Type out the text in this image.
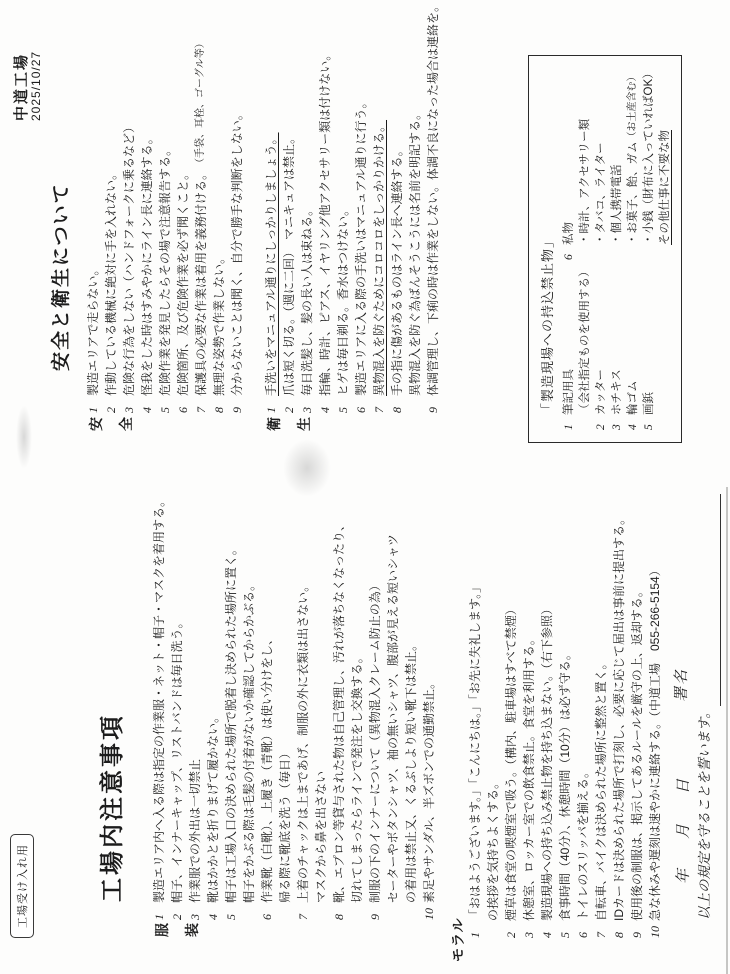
工場受け入れ用	工場内注意事項
服 装
1
製造エリア内へ入る際は指定の作業服・ネット・帽子・マスクを着用する。
2
帽子、インナーキャップ、リストバンドは毎日洗う。
3
作業服での外出は一切禁止
4
靴はかかとを折りまげて履かない。
5
帽子は工場入口の決められた場所で脱着し決められた場所に置く。 帽子をかぶる際は毛髪の付着がないか確認してからかぶる。
6
作業靴（白靴）、上履き（青靴）は使い分けをし、 帰る際に靴底を洗う（毎日）
7
上着のチャックは上まであげ、制服の外に衣類は出さない。 マスクから鼻を出さない
8
靴、エプロン等貸与された物は自己管理し、汚れが落ちなくなったり、 切れてしまったらラインで発注をし交換する。
9
制服の下のインナーについて（異物混入クレーム防止の為） セーターやボタンシャツ、袖の無いシャツ、腹部が見える短いシャツ の着用は禁止又、くるぶしより短い靴下は禁止。
10
素足やサンダル、半ズボンでの通勤禁止。
モラル 1
「おはようございます。」「こんにちは。」「お先に失礼します。」 の挨拶を気持ちよくする。
2
煙草は食堂の喫煙室で吸う。（構内、駐車場はすべて禁煙）
3
休憩室、ロッカー室での飲食禁止。食堂を利用する。
4
製造現場への持ち込み禁止物を持ち込まない。（右下参照）
5
食事時間（40分）、休憩時間（10分）は必ず守る。
6
トイレのスリッパを揃える。
7
自転車、バイクは決められた場所に整然と置く。
8
IDカードは決められた場所で打刻し、必要に応じて届出は事前に提出する。
9
使用後の制服は、掲示してあるルールを厳守の上、返却する。
10
急な休みや遅刻は速やかに連絡する。（中道工場　055-266-5154） 年　　月　　日
署名
以上の規定を守ることを誓います。
中道工場 2025/10/27
安全と衛生について
安 全
1
製造エリアで走らない。
2
作動している機械に絶対に手を入れない。
3
危険な行為をしない（ハンドフォークに乗るなど）
4
怪我をした時はすみやかにライン長に連絡する。
5
危険作業を発見したらその場で注意報告する。
6
危険箇所、及び危険作業を必ず聞くこと。
7
保護具の必要な作業は着用を義務付ける。
（手袋、耳栓、ゴーグル等）
8
無理な姿勢で作業しない。
9
分からないことは聞く、自分で勝手な判断をしない。
衛 生
1
手洗いをマニュアル通りにしっかりしましょう。
2
爪は短く切る。（週に二回）　マニキュアは禁止。
3
毎日洗髪し、髪の長い人は束ねる。
4
指輪、時計、ピアス、イヤリング他アクセサリー類は付けない。
5
ヒゲは毎日剃る。香水はつけない。
6
製造エリアに入る際の手洗いはマニュアル通りに行う。
7
異物混入を防ぐためにコロコロをしっかりかける。
8
手の指に傷があるものはライン長へ連絡する。 異物混入を防ぐ為ばんそうこうには名前を明記する。
9
体調管理し、下痢の時は作業をしない。体調不良になった場合は連絡を。	「製造現場への持込禁止物」
1
筆記用具 （会社指定ものを使用する）
2
カッター
3
ホチキス
4
輪ゴム
5
画鋲
6
私物 ・時計、アクセサリー類 ・タバコ、ライター ・個人携帯電話 ・お菓子、飴、ガム
（お土産含む） ・小銭（財布に入っていればOK） その他仕事に不要な物
